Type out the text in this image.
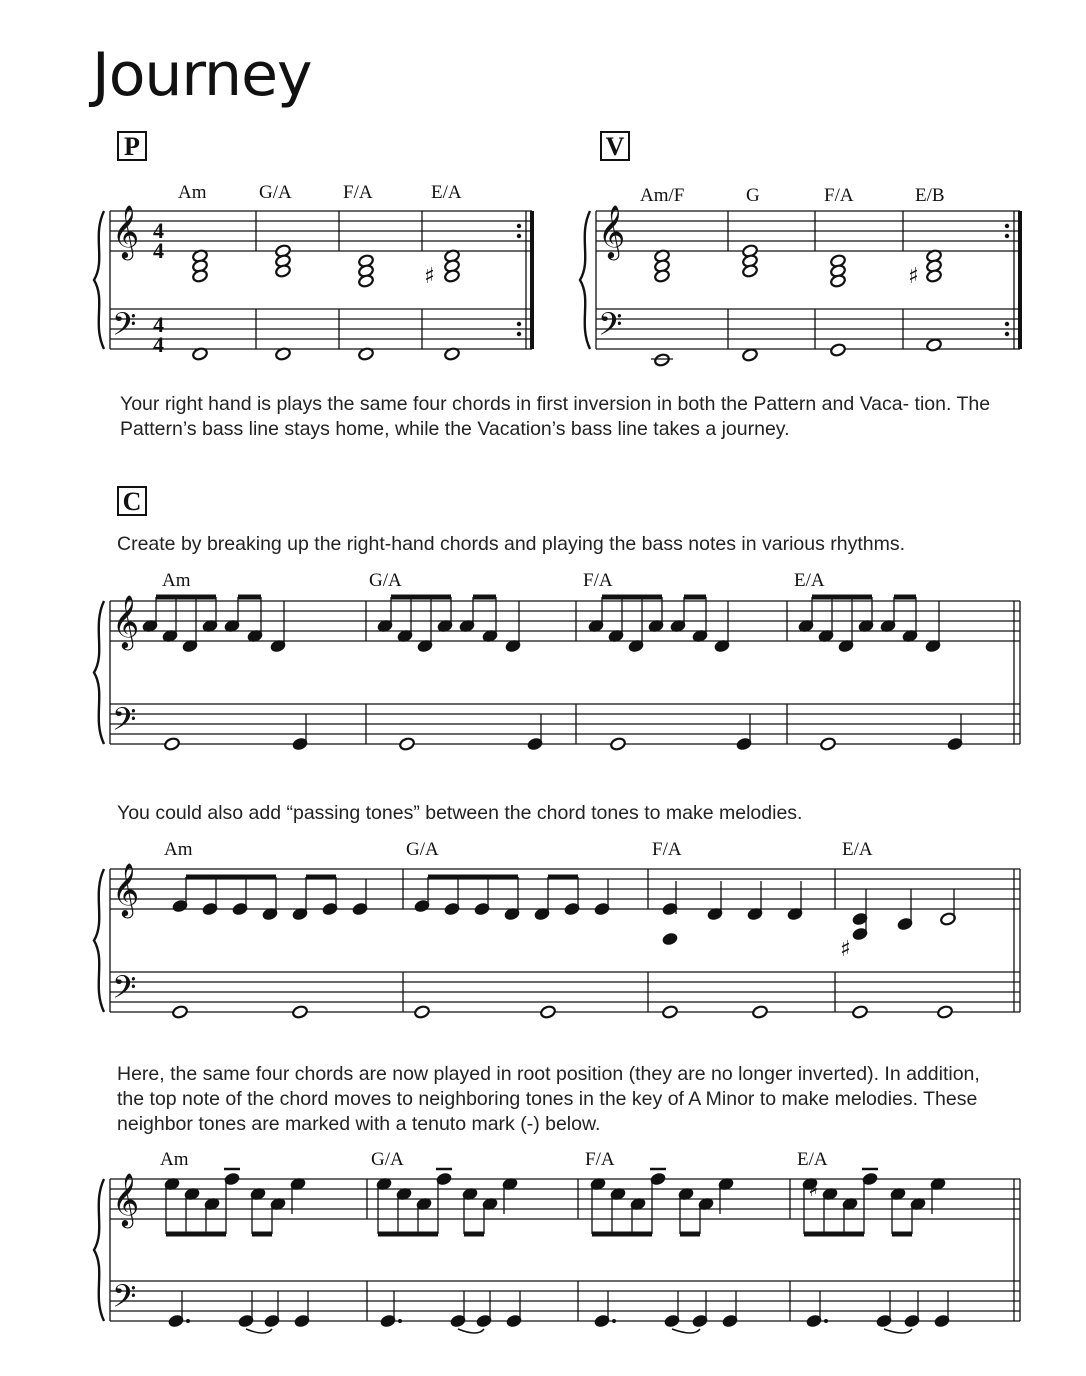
Journey
P	V
C
Your right hand is plays the same four chords in first inversion in both the Pattern and Vaca- tion. The Pattern’s bass line stays home, while the Vacation’s bass line takes a journey.
Create by breaking up the right-hand chords and playing the bass notes in various rhythms.
You could also add “passing tones” between the chord tones to make melodies.
Here, the same four chords are now played in root position (they are no longer inverted). In addition, the top note of the chord moves to neighboring tones in the key of A Minor to make melodies. These neighbor tones are marked with a tenuto mark (-) below.
Am	G/A	F/A	E/A	Am/F	G	F/A	E/B
Am	G/A	F/A	E/A
Am	G/A	F/A	E/A
Am	G/A	F/A	E/A
4
4
4
4
𝄞
𝄢
♯
𝄞
𝄢
♯
𝄞
𝄢
𝄞
𝄢
♯
𝄞
𝄢
♯
